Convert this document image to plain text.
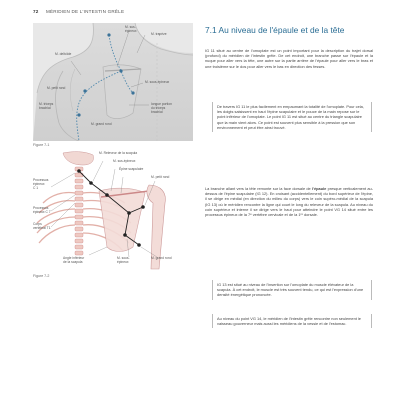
72 MÉRIDIEN DE L'INTESTIN GRÊLE
M. sus-
épineux
M. trapèze
M. deltoïde
M. sous-épineux
M. petit rond
M. triceps
brachial
longue portion
du triceps
brachial
M. grand rond
Figure 7-1
M. Releveur de la scapula
M. sus-épineux
Épine scapulaire
M. petit rond
Processus
épineux
C 1
Processus
épineux C 7
Corps
vertébral T1
Angle inférieur
de la scapula
M. sous-
épineux
M. grand rond
Figure 7-2
7.1 Au niveau de l'épaule et de la tête
IG 11 situé au centre de l'omoplate est un point important pour la description du trajet dorsal (profond) du méridien de l'intestin grêle. De cet endroit, une branche passe sur l'épaule et la nuque pour aller vers la tête, une autre sur la partie arrière de l'épaule pour aller vers le bras et une troisième sur le dos pour aller vers le bas en direction des fesses.
De travers IG 11 le plus facilement en empaumant la totalité de l'omoplate. Pour cela, les doigts saisissent en haut l'épine scapulaire et le pouce de la main repose sur le point inférieur de l'omoplate. Le point IG 11 est situé au centre du triangle scapulaire que la main vient alors. Ce point est souvent plus sensible à la pression que son environnement et peut être ainsi trouvé.
La branche allant vers la tête remonte sur la face dorsale de l'épaule presque verticalement au-dessus de l'épine scapulaire (IG 12). En croisant (accidentellement) du bord supérieur de l'épine, il se dirige en médial (en direction du milieu du corps) vers le coin supéro-médial de la scapula (IG 13) où le méridien rencontre la ligne qui court le long du releveur de la scapula. Au niveau du coin supérieur et interne il se dirige vers le haut pour atteindre le point VG 14 situé entre les processus épineux de la 7ᵉ vertèbre cervicale et de la 1ʳᵉ dorsale.
IG 13 est situé au niveau de l'insertion sur l'omoplate du muscle élévateur de la scapula. À cet endroit, le muscle est très souvent tendu, ce qui est l'expression d'une densité énergétique prononcée.
Au niveau du point VG 14, le méridien de l'intestin grêle rencontre non seulement le vaisseau gouverneur mais aussi les méridiens de la vessie et de l'estomac.
